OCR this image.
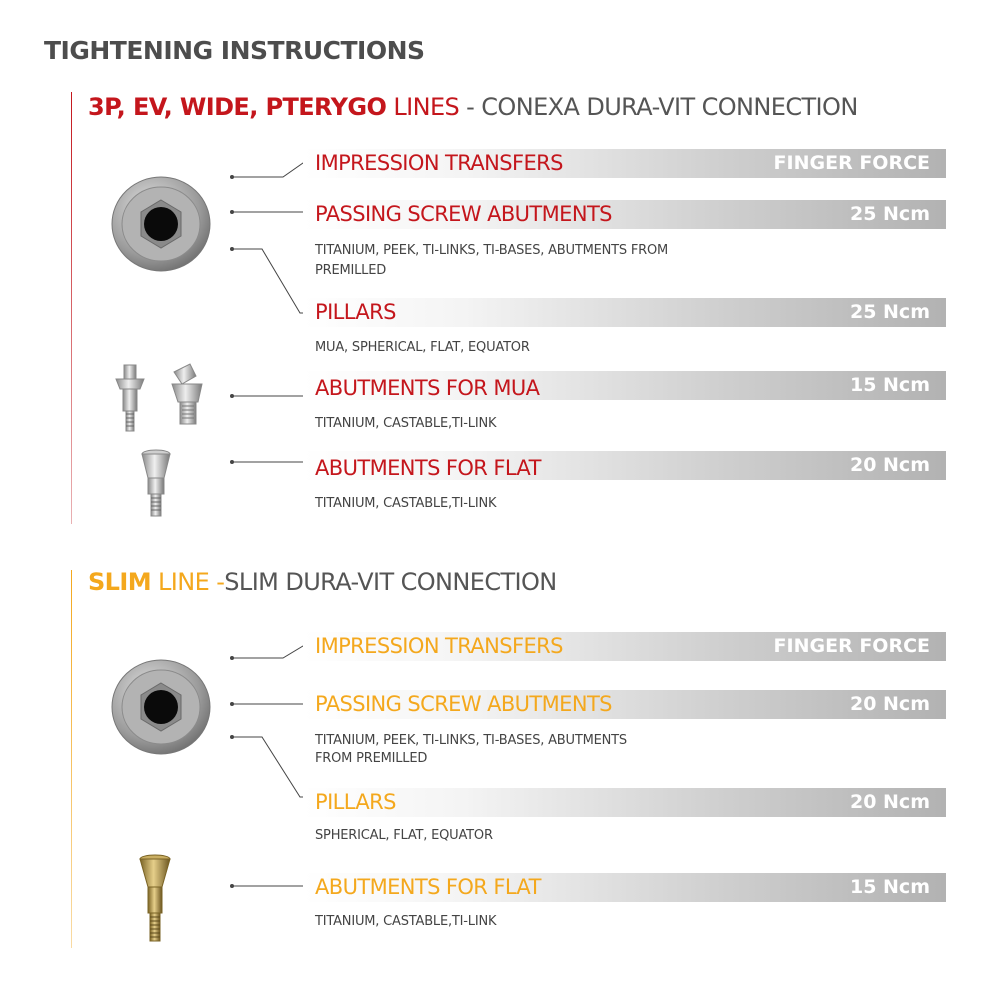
TIGHTENING INSTRUCTIONS
3P, EV, WIDE, PTERYGO LINES - CONEXA DURA-VIT CONNECTION
IMPRESSION TRANSFERS	FINGER FORCE
PASSING SCREW ABUTMENTS	25 Ncm
TITANIUM, PEEK, TI-LINKS, TI-BASES, ABUTMENTS FROM PREMILLED
PILLARS	25 Ncm
MUA, SPHERICAL, FLAT, EQUATOR
ABUTMENTS FOR MUA	15 Ncm
TITANIUM, CASTABLE,TI-LINK
ABUTMENTS FOR FLAT	20 Ncm
TITANIUM, CASTABLE,TI-LINK
SLIM LINE -SLIM DURA-VIT CONNECTION
IMPRESSION TRANSFERS	FINGER FORCE
PASSING SCREW ABUTMENTS	20 Ncm
TITANIUM, PEEK, TI-LINKS, TI-BASES, ABUTMENTS
FROM PREMILLED
PILLARS	20 Ncm
SPHERICAL, FLAT, EQUATOR
ABUTMENTS FOR FLAT	15 Ncm
TITANIUM, CASTABLE,TI-LINK
